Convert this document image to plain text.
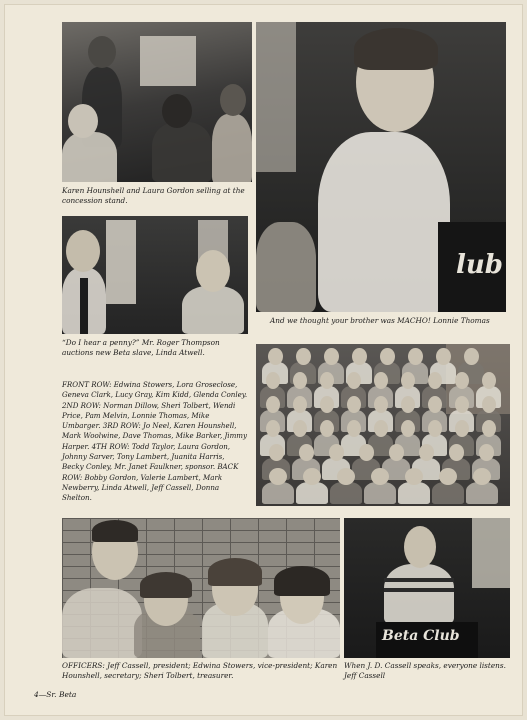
Karen Hounshell and Laura Gordon selling at the concession stand.
lub
And we thought your brother was MACHO! Lonnie Thomas
“Do I hear a penny?” Mr. Roger Thompson auctions new Beta slave, Linda Atwell.
FRONT ROW: Edwina Stowers, Lora Groseclose, Geneva Clark, Lucy Gray, Kim Kidd, Glenda Conley. 2ND ROW: Norman Dillow, Sheri Tolbert, Wendi Price, Pam Melvin, Lonnie Thomas, Mike Umbarger. 3RD ROW: Jo Neel, Karen Hounshell, Mark Woolwine, Dave Thomas, Mike Barker, Jimmy Harper. 4TH ROW: Todd Taylor, Laura Gordon, Johnny Sarver, Tony Lambert, Juanita Harris, Becky Conley, Mr. Janet Faulkner, sponsor. BACK ROW: Bobby Gordon, Valerie Lambert, Mark Newberry, Linda Atwell, Jeff Cassell, Donna Shelton.
OFFICERS: Jeff Cassell, president; Edwina Stowers, vice-president; Karen Hounshell, secretary; Sheri Tolbert, treasurer.
Beta Club
When J. D. Cassell speaks, everyone listens. Jeff Cassell
4—Sr. Beta
